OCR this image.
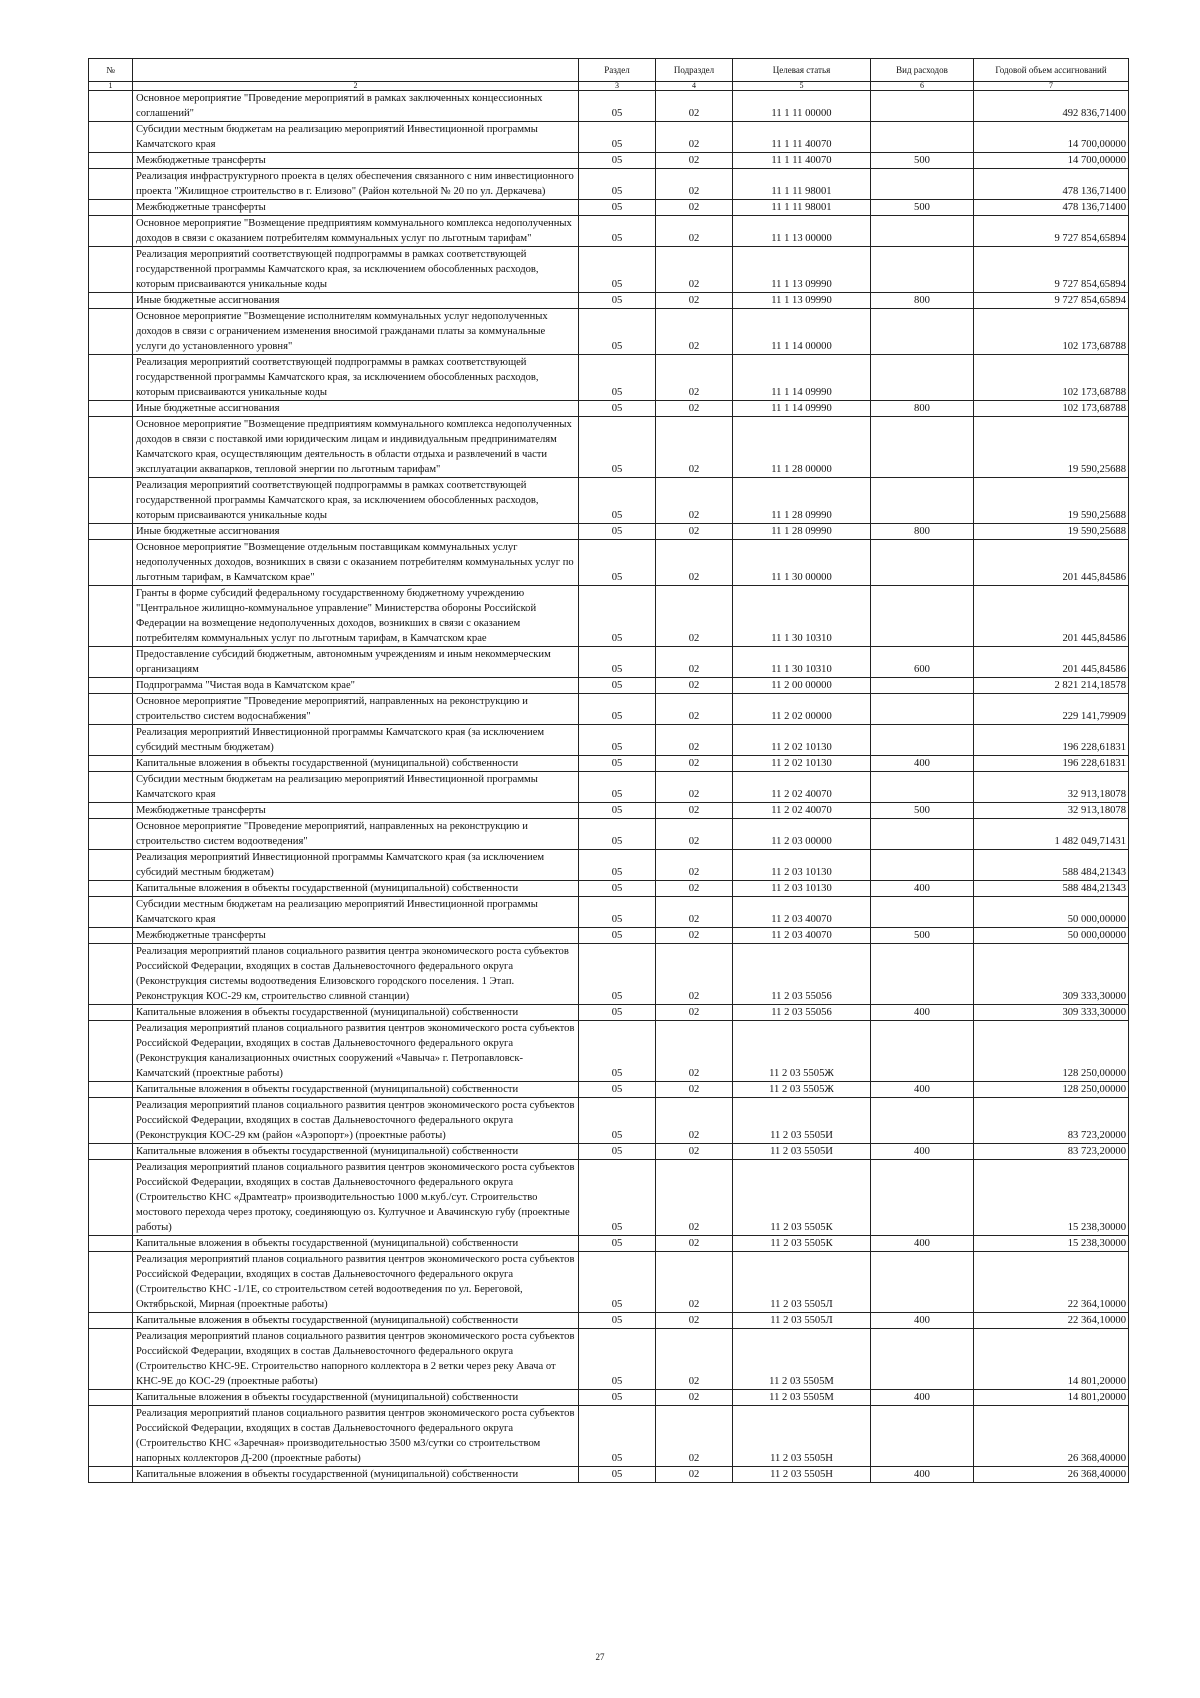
№		Раздел	Подраздел	Целевая статья	Вид расходов	Годовой объем ассигнований
1	2	3	4	5	6	7
	Основное мероприятие "Проведение мероприятий в рамках заключенных концессионных соглашений"	05	02	11 1 11 00000		492 836,71400
	Субсидии местным бюджетам на реализацию мероприятий Инвестиционной программы Камчатского края	05	02	11 1 11 40070		14 700,00000
	Межбюджетные трансферты	05	02	11 1 11 40070	500	14 700,00000
	Реализация инфраструктурного проекта в целях обеспечения связанного с ним инвестиционного проекта "Жилищное строительство в г. Елизово" (Район котельной № 20 по ул. Деркачева)	05	02	11 1 11 98001		478 136,71400
	Межбюджетные трансферты	05	02	11 1 11 98001	500	478 136,71400
	Основное мероприятие "Возмещение предприятиям коммунального комплекса недополученных доходов в связи с оказанием потребителям коммунальных услуг по льготным тарифам"	05	02	11 1 13 00000		9 727 854,65894
	Реализация мероприятий соответствующей подпрограммы в рамках соответствующей государственной программы Камчатского края, за исключением обособленных расходов, которым присваиваются уникальные коды	05	02	11 1 13 09990		9 727 854,65894
	Иные бюджетные ассигнования	05	02	11 1 13 09990	800	9 727 854,65894
	Основное мероприятие "Возмещение исполнителям коммунальных услуг недополученных доходов в связи с ограничением изменения вносимой гражданами платы за коммунальные услуги до установленного уровня"	05	02	11 1 14 00000		102 173,68788
	Реализация мероприятий соответствующей подпрограммы в рамках соответствующей государственной программы Камчатского края, за исключением обособленных расходов, которым присваиваются уникальные коды	05	02	11 1 14 09990		102 173,68788
	Иные бюджетные ассигнования	05	02	11 1 14 09990	800	102 173,68788
	Основное мероприятие "Возмещение предприятиям коммунального комплекса недополученных доходов в связи с поставкой ими юридическим лицам и индивидуальным предпринимателям Камчатского края, осуществляющим деятельность в области отдыха и развлечений в части эксплуатации аквапарков, тепловой энергии по льготным тарифам"	05	02	11 1 28 00000		19 590,25688
	Реализация мероприятий соответствующей подпрограммы в рамках соответствующей государственной программы Камчатского края, за исключением обособленных расходов, которым присваиваются уникальные коды	05	02	11 1 28 09990		19 590,25688
	Иные бюджетные ассигнования	05	02	11 1 28 09990	800	19 590,25688
	Основное мероприятие "Возмещение отдельным поставщикам коммунальных услуг недополученных доходов, возникших в связи с оказанием потребителям коммунальных услуг по льготным тарифам, в Камчатском крае"	05	02	11 1 30 00000		201 445,84586
	Гранты в форме субсидий федеральному государственному бюджетному учреждению "Центральное жилищно-коммунальное управление" Министерства обороны Российской Федерации на возмещение недополученных доходов, возникших в связи с оказанием потребителям коммунальных услуг по льготным тарифам, в Камчатском крае	05	02	11 1 30 10310		201 445,84586
	Предоставление субсидий бюджетным, автономным учреждениям и иным некоммерческим организациям	05	02	11 1 30 10310	600	201 445,84586
	Подпрограмма "Чистая вода в Камчатском крае"	05	02	11 2 00 00000		2 821 214,18578
	Основное мероприятие "Проведение мероприятий, направленных на реконструкцию и строительство систем водоснабжения"	05	02	11 2 02 00000		229 141,79909
	Реализация мероприятий Инвестиционной программы Камчатского края (за исключением субсидий местным бюджетам)	05	02	11 2 02 10130		196 228,61831
	Капитальные вложения в объекты государственной (муниципальной) собственности	05	02	11 2 02 10130	400	196 228,61831
	Субсидии местным бюджетам на реализацию мероприятий Инвестиционной программы Камчатского края	05	02	11 2 02 40070		32 913,18078
	Межбюджетные трансферты	05	02	11 2 02 40070	500	32 913,18078
	Основное мероприятие "Проведение мероприятий, направленных на реконструкцию и строительство систем водоотведения"	05	02	11 2 03 00000		1 482 049,71431
	Реализация мероприятий Инвестиционной программы Камчатского края (за исключением субсидий местным бюджетам)	05	02	11 2 03 10130		588 484,21343
	Капитальные вложения в объекты государственной (муниципальной) собственности	05	02	11 2 03 10130	400	588 484,21343
	Субсидии местным бюджетам на реализацию мероприятий Инвестиционной программы Камчатского края	05	02	11 2 03 40070		50 000,00000
	Межбюджетные трансферты	05	02	11 2 03 40070	500	50 000,00000
	Реализация мероприятий планов социального развития центра экономического роста субъектов Российской Федерации, входящих в состав Дальневосточного федерального округа (Реконструкция системы водоотведения Елизовского городского поселения. 1 Этап. Реконструкция КОС-29 км, строительство сливной станции)	05	02	11 2 03 55056		309 333,30000
	Капитальные вложения в объекты государственной (муниципальной) собственности	05	02	11 2 03 55056	400	309 333,30000
	Реализация мероприятий планов социального развития центров экономического роста субъектов Российской Федерации, входящих в состав Дальневосточного федерального округа (Реконструкция канализационных очистных сооружений «Чавыча» г. Петропавловск-Камчатский (проектные работы)	05	02	11 2 03 5505Ж		128 250,00000
	Капитальные вложения в объекты государственной (муниципальной) собственности	05	02	11 2 03 5505Ж	400	128 250,00000
	Реализация мероприятий планов социального развития центров экономического роста субъектов Российской Федерации, входящих в состав Дальневосточного федерального округа (Реконструкция КОС-29 км (район «Аэропорт») (проектные работы)	05	02	11 2 03 5505И		83 723,20000
	Капитальные вложения в объекты государственной (муниципальной) собственности	05	02	11 2 03 5505И	400	83 723,20000
	Реализация мероприятий планов социального развития центров экономического роста субъектов Российской Федерации, входящих в состав Дальневосточного федерального округа (Строительство КНС «Драмтеатр» производительностью 1000 м.куб./сут. Строительство мостового перехода через протоку, соединяющую оз. Култучное и Авачинскую губу (проектные работы)	05	02	11 2 03 5505К		15 238,30000
	Капитальные вложения в объекты государственной (муниципальной) собственности	05	02	11 2 03 5505К	400	15 238,30000
	Реализация мероприятий планов социального развития центров экономического роста субъектов Российской Федерации, входящих в состав Дальневосточного федерального округа (Строительство КНС -1/1Е, со строительством сетей водоотведения по ул. Береговой, Октябрьской, Мирная (проектные работы)	05	02	11 2 03 5505Л		22 364,10000
	Капитальные вложения в объекты государственной (муниципальной) собственности	05	02	11 2 03 5505Л	400	22 364,10000
	Реализация мероприятий планов социального развития центров экономического роста субъектов Российской Федерации, входящих в состав Дальневосточного федерального округа (Строительство КНС-9Е. Строительство напорного коллектора в 2 ветки через реку Авача от КНС-9Е до КОС-29 (проектные работы)	05	02	11 2 03 5505М		14 801,20000
	Капитальные вложения в объекты государственной (муниципальной) собственности	05	02	11 2 03 5505М	400	14 801,20000
	Реализация мероприятий планов социального развития центров экономического роста субъектов Российской Федерации, входящих в состав Дальневосточного федерального округа (Строительство КНС «Заречная» производительностью 3500 м3/сутки со строительством напорных коллекторов Д-200 (проектные работы)	05	02	11 2 03 5505Н		26 368,40000
	Капитальные вложения в объекты государственной (муниципальной) собственности	05	02	11 2 03 5505Н	400	26 368,40000
27
